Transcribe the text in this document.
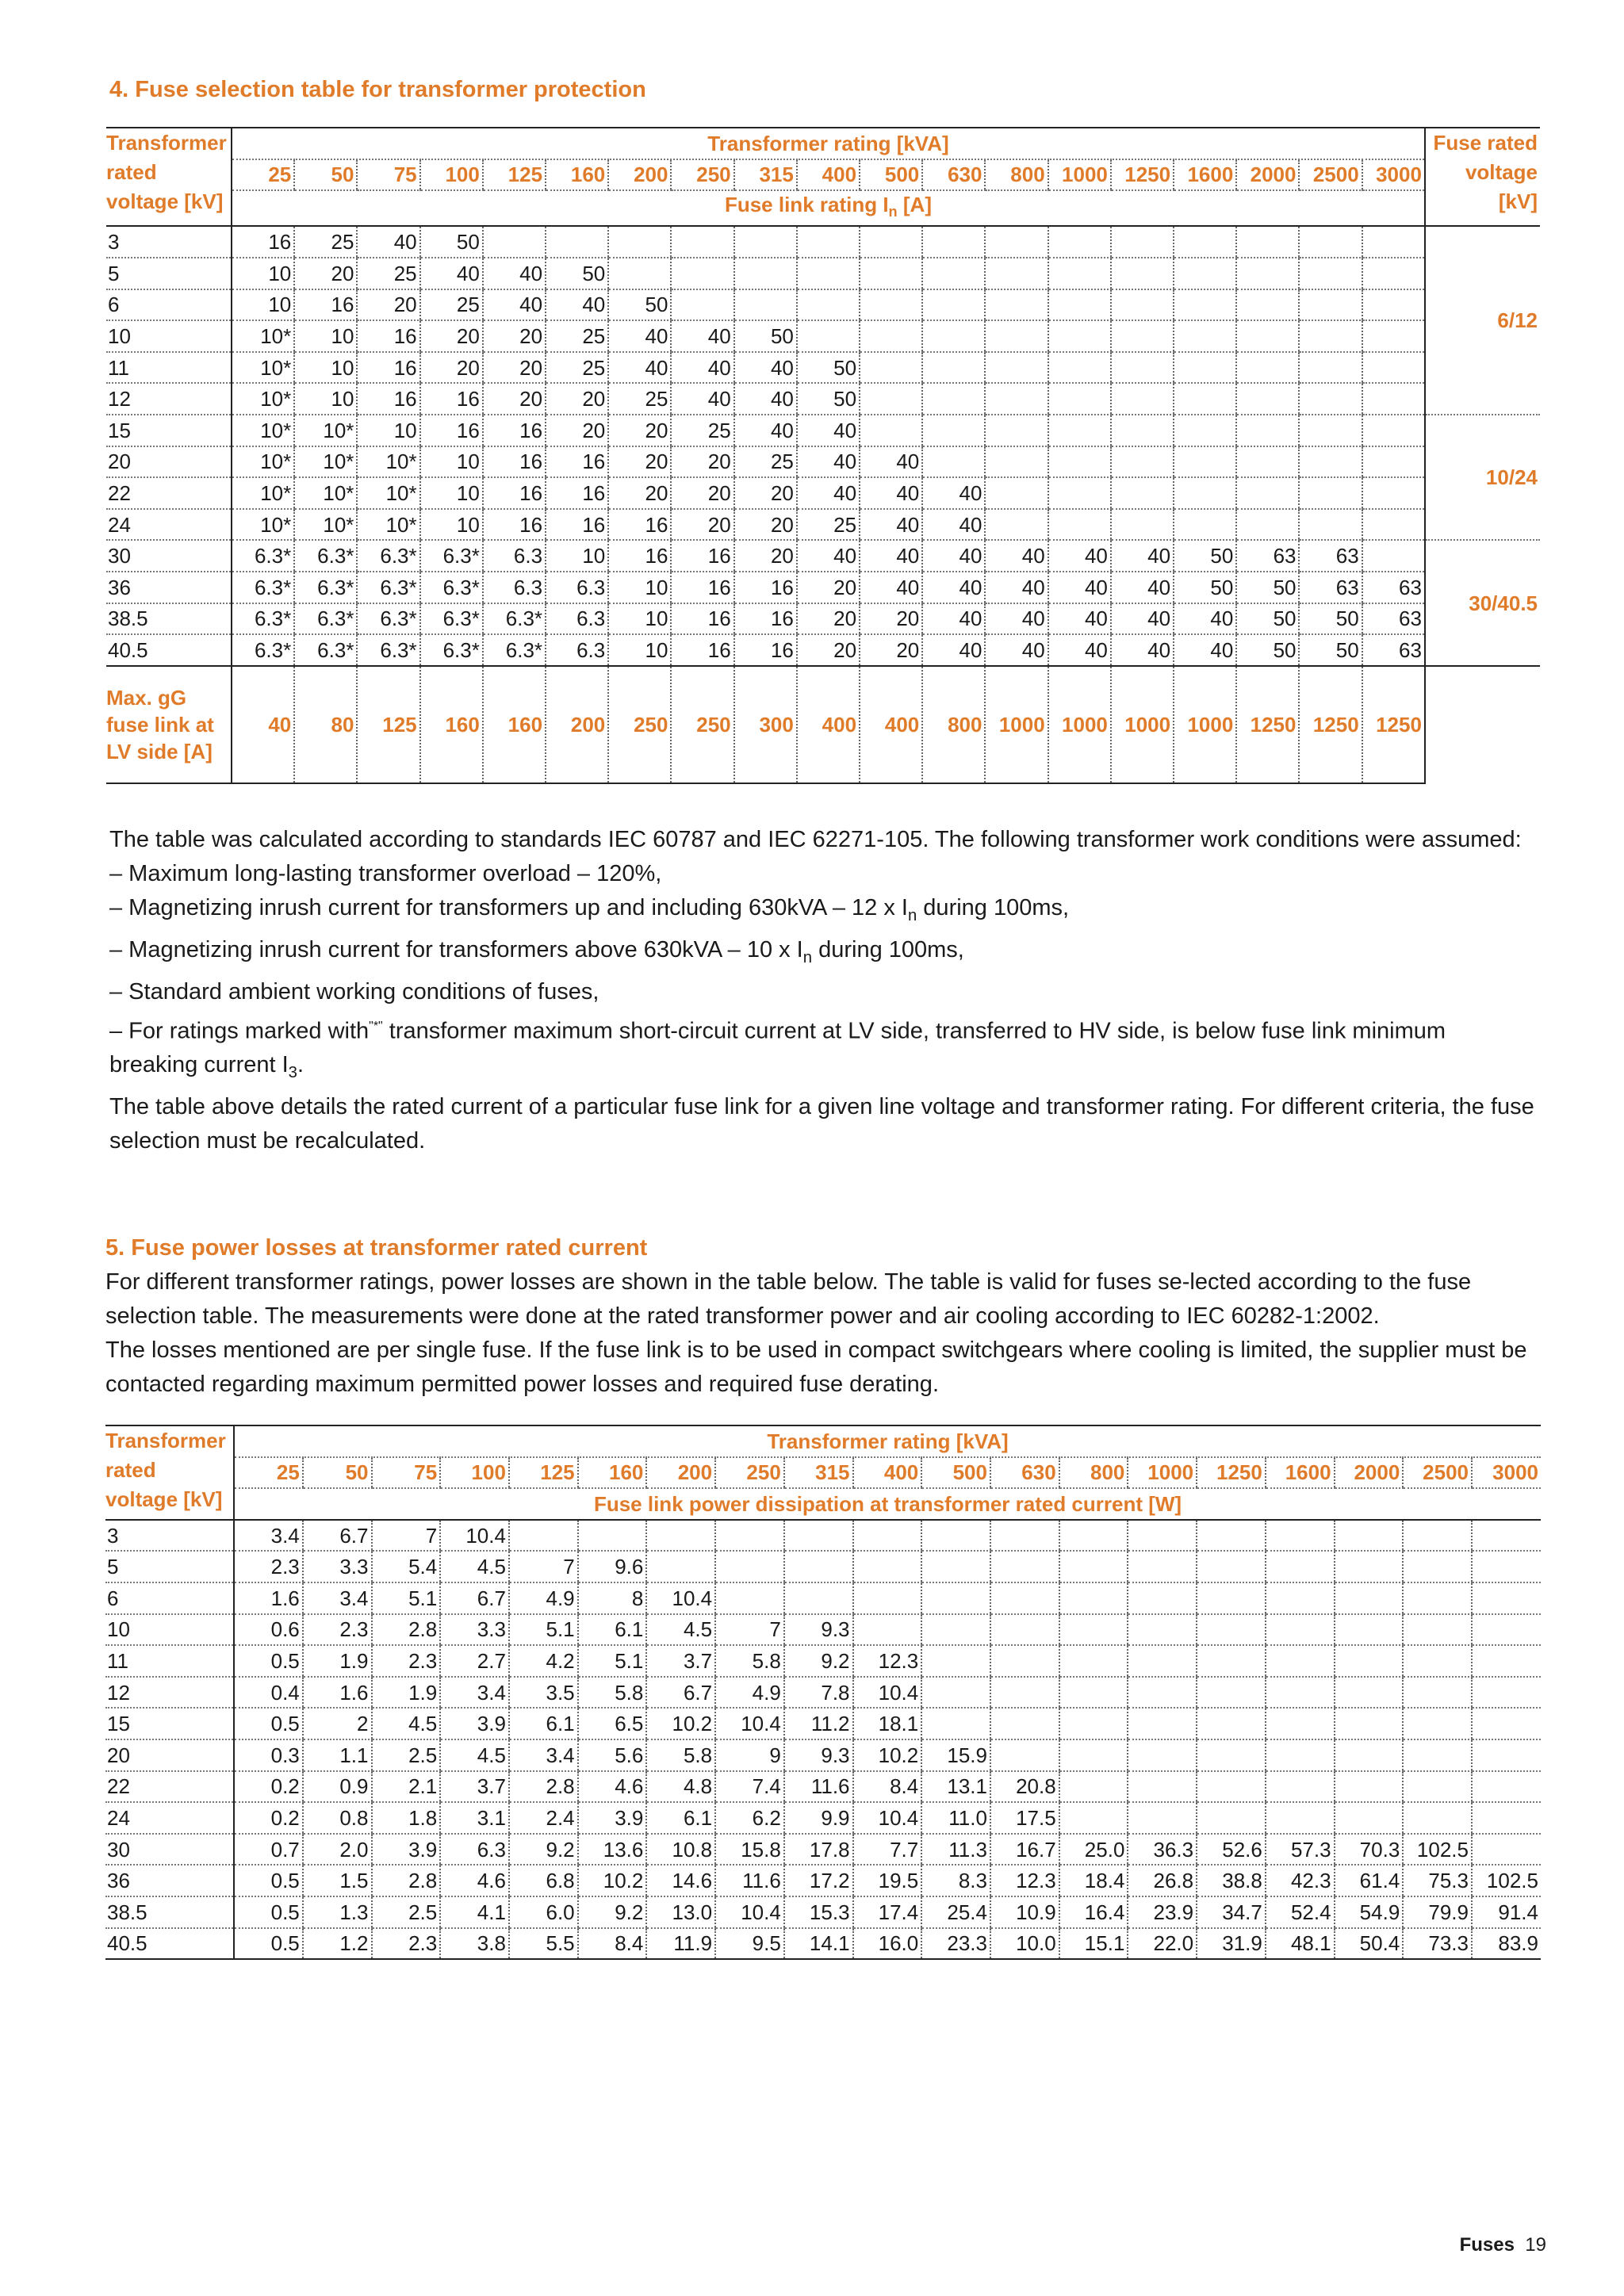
4. Fuse selection table for transformer protection
Transformer rated voltage [kV]	Transformer rating [kVA]																			Fuse rated voltage [kV]
	25	50	75	100	125	160	200	250	315	400	500	630	800	1000	1250	1600	2000	2500	3000	
	Fuse link rating $I_n$ [A]																			
3	16	25	40	50																6/12
5	10	20	25	40	40	50														
6	10	16	20	25	40	40	50													
10	10*	10	16	20	20	25	40	40	50											
11	10*	10	16	20	20	25	40	40	40	50										
12	10*	10	16	16	20	20	25	40	40	50										
15	10*	10*	10	16	16	20	20	25	40	40										10/24
20	10*	10*	10*	10	16	16	20	20	25	40	40									
22	10*	10*	10*	10	16	16	20	20	20	40	40	40								
24	10*	10*	10*	10	16	16	16	20	20	25	40	40								
30	6.3*	6.3*	6.3*	6.3*	6.3	10	16	16	20	40	40	40	40	40	40	50	63	63		30/40.5
36	6.3*	6.3*	6.3*	6.3*	6.3	6.3	10	16	16	20	40	40	40	40	40	50	50	63	63	
38.5	6.3*	6.3*	6.3*	6.3*	6.3*	6.3	10	16	16	20	20	40	40	40	40	40	50	50	63	
40.5	6.3*	6.3*	6.3*	6.3*	6.3*	6.3	10	16	16	20	20	40	40	40	40	40	50	50	63	
Max. gG fuse link at LV side [A]	40	80	125	160	160	200	250	250	300	400	400	800	1000	1000	1000	1000	1250	1250	1250	
The table was calculated according to standards IEC 60787 and IEC 62271-105. The following transformer work conditions were assumed:
– Maximum long-lasting transformer overload – 120%,
– Magnetizing inrush current for transformers up and including 630kVA – 12 x $I_n$ during 100ms,
– Magnetizing inrush current for transformers above 630kVA – 10 x $I_n$ during 100ms,
– Standard ambient working conditions of fuses,
– For ratings marked with"*" transformer maximum short-circuit current at LV side, transferred to HV side, is below fuse link minimum breaking current $I_3$.
The table above details the rated current of a particular fuse link for a given line voltage and transformer rating. For different criteria, the fuse selection must be recalculated.
5. Fuse power losses at transformer rated current
For different transformer ratings, power losses are shown in the table below. The table is valid for fuses se-lected according to the fuse selection table. The measurements were done at the rated transformer power and air cooling according to IEC 60282-1:2002.
The losses mentioned are per single fuse. If the fuse link is to be used in compact switchgears where cooling is limited, the supplier must be contacted regarding maximum permitted power losses and required fuse derating.
Transformer rated voltage [kV]	Transformer rating [kVA]																		
	25	50	75	100	125	160	200	250	315	400	500	630	800	1000	1250	1600	2000	2500	3000
	Fuse link power dissipation at transformer rated current [W]																		
3	3.4	6.7	7	10.4															
5	2.3	3.3	5.4	4.5	7	9.6													
6	1.6	3.4	5.1	6.7	4.9	8	10.4												
10	0.6	2.3	2.8	3.3	5.1	6.1	4.5	7	9.3										
11	0.5	1.9	2.3	2.7	4.2	5.1	3.7	5.8	9.2	12.3									
12	0.4	1.6	1.9	3.4	3.5	5.8	6.7	4.9	7.8	10.4									
15	0.5	2	4.5	3.9	6.1	6.5	10.2	10.4	11.2	18.1									
20	0.3	1.1	2.5	4.5	3.4	5.6	5.8	9	9.3	10.2	15.9								
22	0.2	0.9	2.1	3.7	2.8	4.6	4.8	7.4	11.6	8.4	13.1	20.8							
24	0.2	0.8	1.8	3.1	2.4	3.9	6.1	6.2	9.9	10.4	11.0	17.5							
30	0.7	2.0	3.9	6.3	9.2	13.6	10.8	15.8	17.8	7.7	11.3	16.7	25.0	36.3	52.6	57.3	70.3	102.5	
36	0.5	1.5	2.8	4.6	6.8	10.2	14.6	11.6	17.2	19.5	8.3	12.3	18.4	26.8	38.8	42.3	61.4	75.3	102.5
38.5	0.5	1.3	2.5	4.1	6.0	9.2	13.0	10.4	15.3	17.4	25.4	10.9	16.4	23.9	34.7	52.4	54.9	79.9	91.4
40.5	0.5	1.2	2.3	3.8	5.5	8.4	11.9	9.5	14.1	16.0	23.3	10.0	15.1	22.0	31.9	48.1	50.4	73.3	83.9
Fuses 19
